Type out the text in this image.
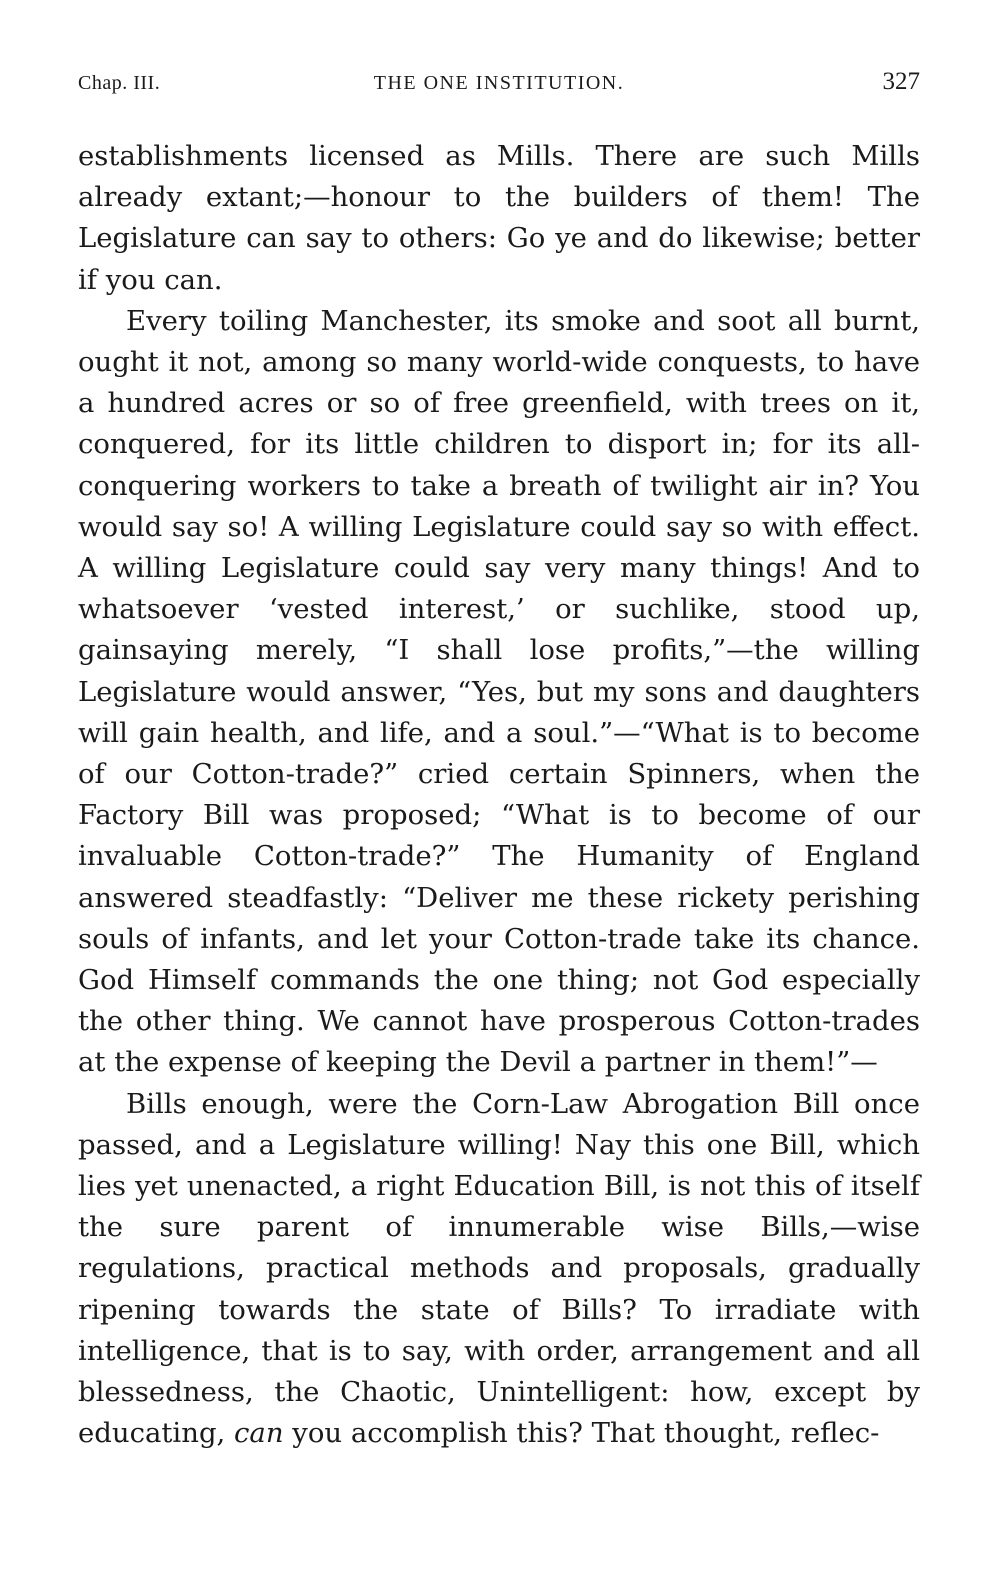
Chap. III.	THE ONE INSTITUTION.	327

establishments licensed as Mills. There are such Mills already extant;—honour to the builders of them! The Legislature can say to others: Go ye and do likewise; better if you can.

Every toiling Manchester, its smoke and soot all burnt, ought it not, among so many world-wide conquests, to have a hundred acres or so of free greenfield, with trees on it, conquered, for its little children to disport in; for its all-conquering workers to take a breath of twilight air in? You would say so! A willing Legislature could say so with effect. A willing Legislature could say very many things! And to whatsoever ‘vested interest,’ or suchlike, stood up, gainsaying merely, “I shall lose profits,”—the willing Legislature would answer, “Yes, but my sons and daughters will gain health, and life, and a soul.”—“What is to become of our Cotton-trade?” cried certain Spinners, when the Factory Bill was proposed; “What is to become of our invaluable Cotton-trade?” The Humanity of England answered steadfastly: “Deliver me these rickety perishing souls of infants, and let your Cotton-trade take its chance. God Himself commands the one thing; not God especially the other thing. We cannot have prosperous Cotton-trades at the expense of keeping the Devil a partner in them!”—

Bills enough, were the Corn-Law Abrogation Bill once passed, and a Legislature willing! Nay this one Bill, which lies yet unenacted, a right Education Bill, is not this of itself the sure parent of innumerable wise Bills,—wise regulations, practical methods and proposals, gradually ripening towards the state of Bills? To irradiate with intelligence, that is to say, with order, arrangement and all blessedness, the Chaotic, Unintelligent: how, except by educating, can you accomplish this? That thought, reflec-
